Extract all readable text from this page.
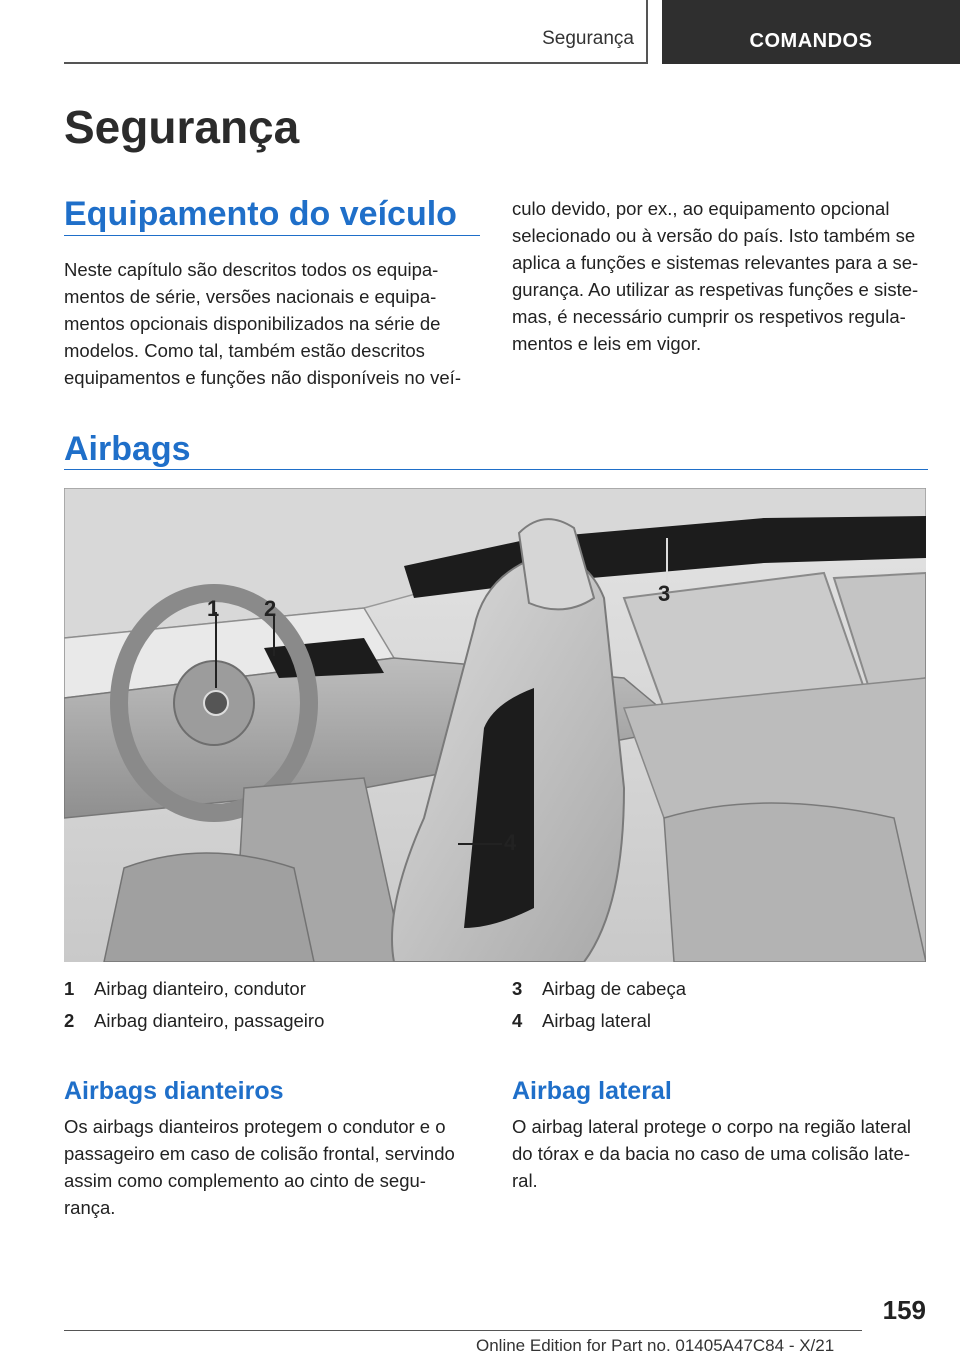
Segurança	COMANDOS
Segurança
Equipamento do veículo

Neste capítulo são descritos todos os equipa-
mentos de série, versões nacionais e equipa-
mentos opcionais disponibilizados na série de
modelos. Como tal, também estão descritos
equipamentos e funções não disponíveis no veí-

culo devido, por ex., ao equipamento opcional
selecionado ou à versão do país. Isto também se
aplica a funções e sistemas relevantes para a se-
gurança. Ao utilizar as respetivas funções e siste-
mas, é necessário cumprir os respetivos regula-
mentos e leis em vigor.

Airbags
1 2
3
4
1	Airbag dianteiro, condutor
2	Airbag dianteiro, passageiro
3	Airbag de cabeça
4	Airbag lateral
Airbags dianteiros

Os airbags dianteiros protegem o condutor e o
passageiro em caso de colisão frontal, servindo
assim como complemento ao cinto de segu-
rança.

Airbag lateral

O airbag lateral protege o corpo na região lateral
do tórax e da bacia no caso de uma colisão late-
ral.

159
Online Edition for Part no. 01405A47C84 - X/21
